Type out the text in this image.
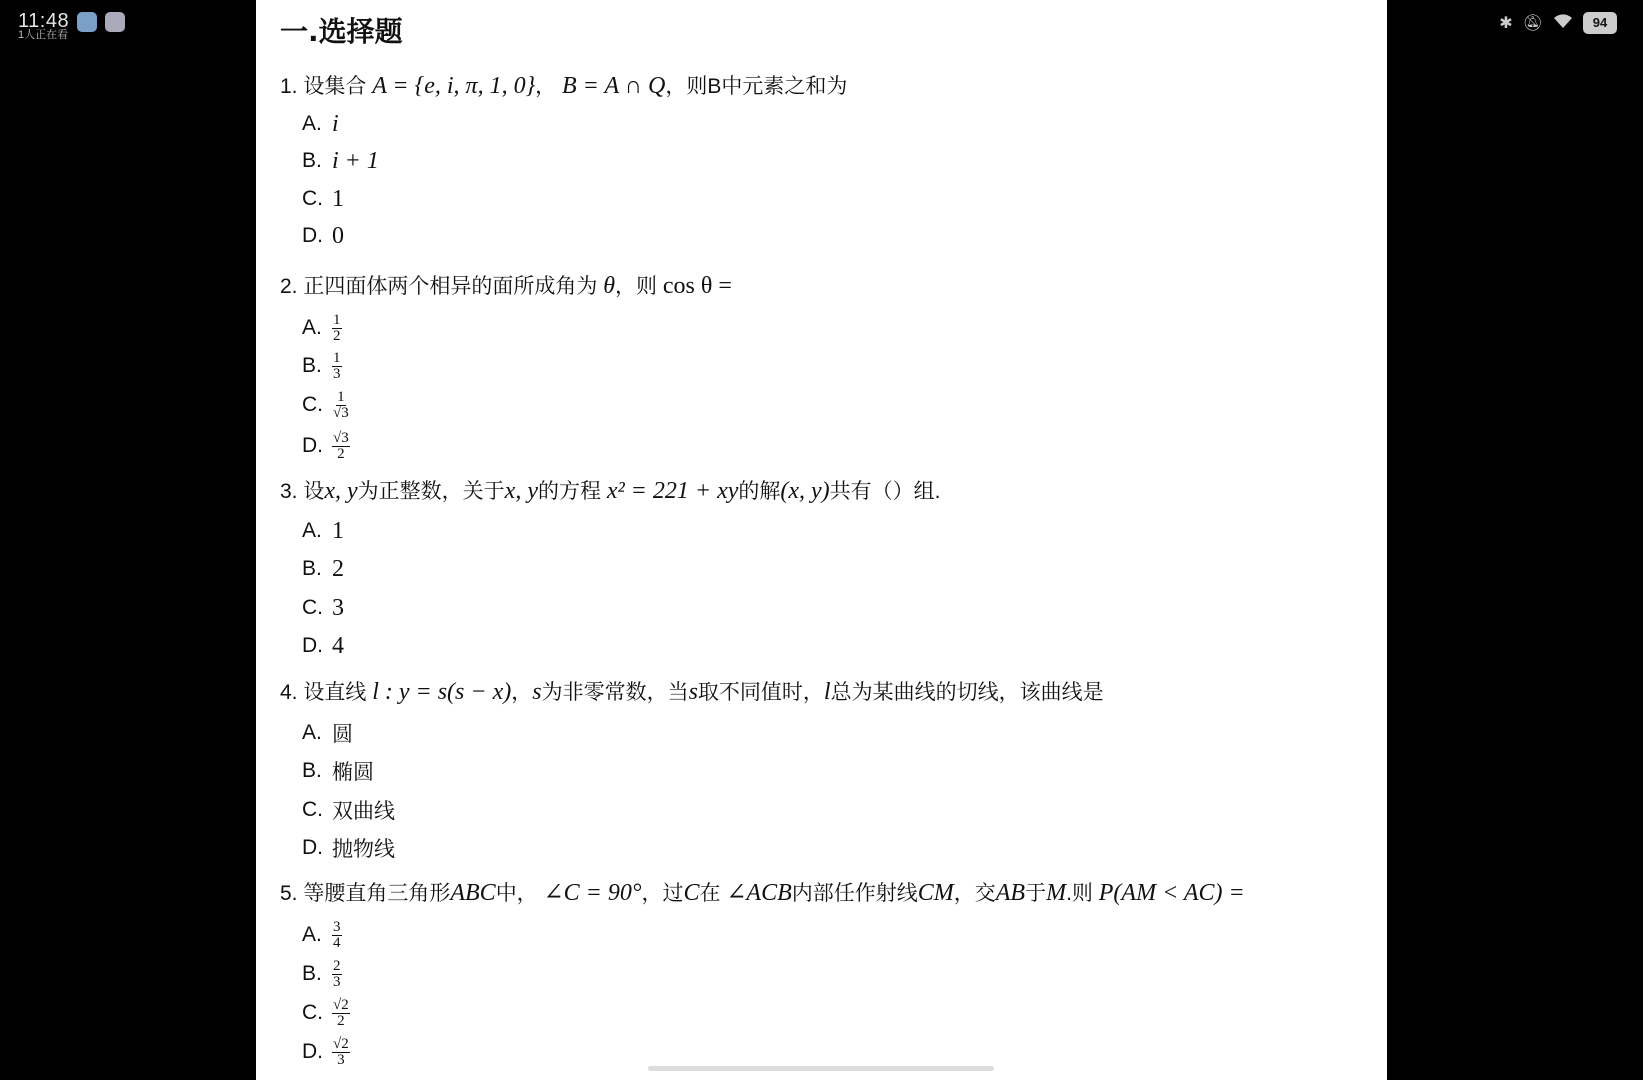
11:48
1人正在看
✱ 🔕︎	94
一.选择题
1. 设集合 A = {e, i, π, 1, 0}， B = A ∩ Q，则B中元素之和为
A. i
B. i + 1
C. 1
D. 0
2. 正四面体两个相异的面所成角为 θ，则 cos θ =
A. $\frac{1}{2}$
B. $\frac{1}{3}$
C. $\frac{1}{√3}$
D. $\frac{√3}{2}$
3. 设x, y为正整数，关于x, y的方程 x² = 221 + xy的解(x, y)共有（）组.
A. 1
B. 2
C. 3
D. 4
4. 设直线 l : y = s(s − x)，s为非零常数，当s取不同值时，l总为某曲线的切线，该曲线是
A. 圆
B. 椭圆
C. 双曲线
D. 抛物线
5. 等腰直角三角形ABC中， ∠C = 90°，过C在 ∠ACB内部任作射线CM，交AB于M.则 P(AM < AC) =
A. $\frac{3}{4}$
B. $\frac{2}{3}$
C. $\frac{√2}{2}$
D. $\frac{√2}{3}$
